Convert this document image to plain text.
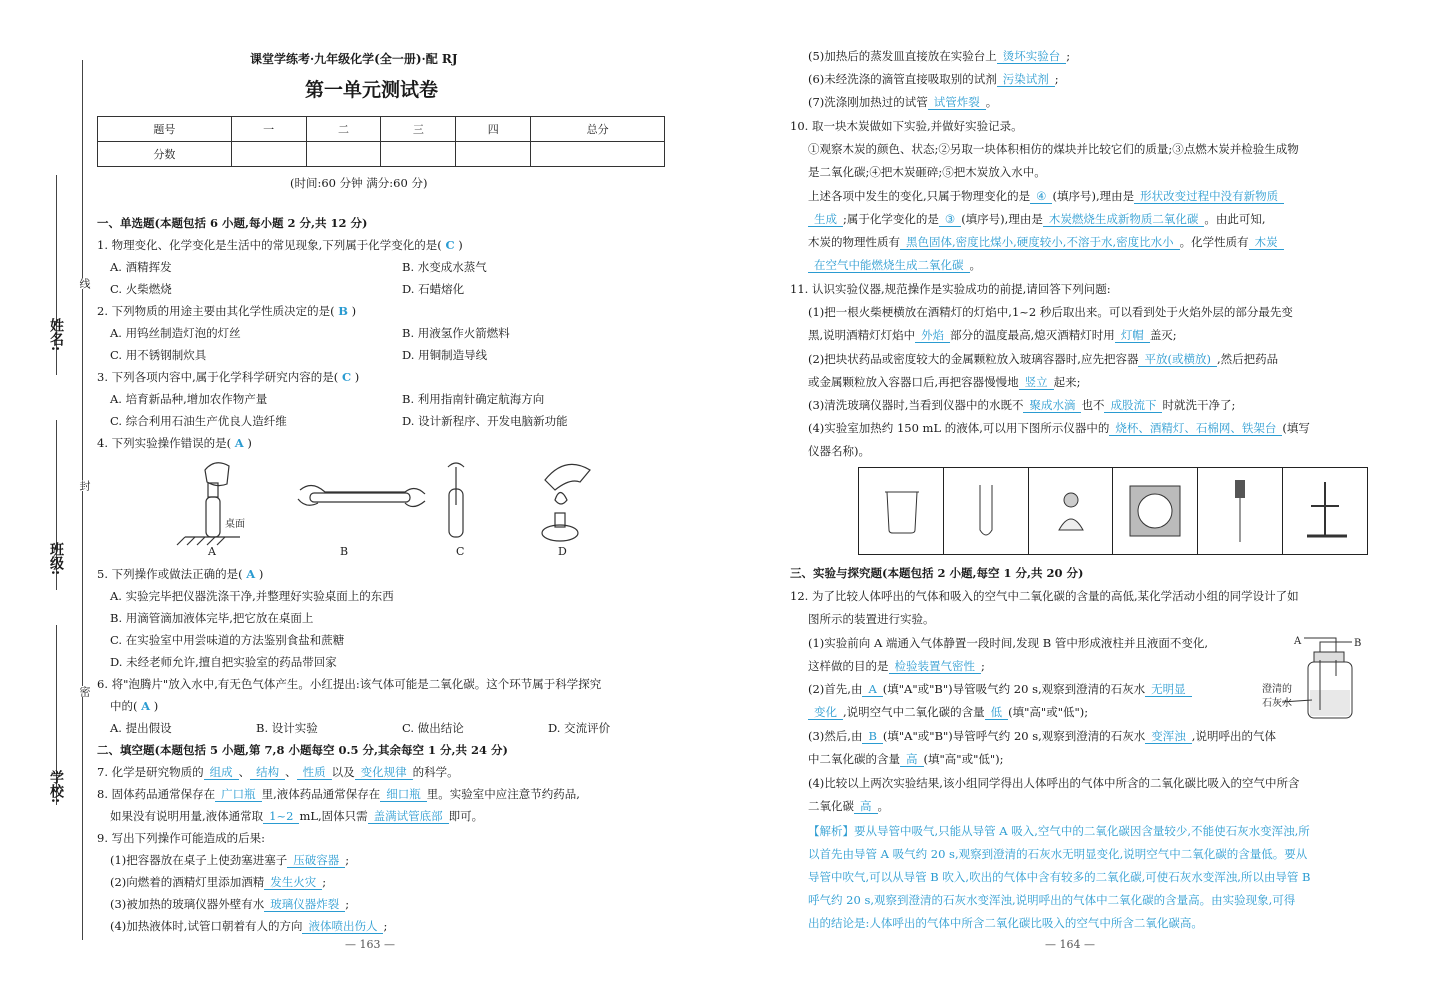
姓名:
班级:
学校:
线
封
密
课堂学练考·九年级化学(全一册)·配 RJ
第一单元测试卷
题号	一	二	三	四	总分
分数					
(时间:60 分钟 满分:60 分)
一、单选题(本题包括 6 小题,每小题 2 分,共 12 分)
1. 物理变化、化学变化是生活中的常见现象,下列属于化学变化的是( C )
A. 酒精挥发	B. 水变成水蒸气
C. 火柴燃烧	D. 石蜡熔化
2. 下列物质的用途主要由其化学性质决定的是( B )
A. 用钨丝制造灯泡的灯丝	B. 用液氢作火箭燃料
C. 用不锈钢制炊具	D. 用铜制造导线
3. 下列各项内容中,属于化学科学研究内容的是( C )
A. 培育新品种,增加农作物产量	B. 利用指南针确定航海方向
C. 综合利用石油生产优良人造纤维	D. 设计新程序、开发电脑新功能
4. 下列实验操作错误的是( A )
桌面
A	B	C	D
5. 下列操作或做法正确的是( A )
A. 实验完毕把仪器洗涤干净,并整理好实验桌面上的东西
B. 用滴管滴加液体完毕,把它放在桌面上
C. 在实验室中用尝味道的方法鉴别食盐和蔗糖
D. 未经老师允许,擅自把实验室的药品带回家
6. 将"泡腾片"放入水中,有无色气体产生。小红提出:该气体可能是二氧化碳。这个环节属于科学探究
中的( A )
A. 提出假设	B. 设计实验	C. 做出结论	D. 交流评价
二、填空题(本题包括 5 小题,第 7,8 小题每空 0.5 分,其余每空 1 分,共 24 分)
7. 化学是研究物质的 组成 、 结构 、 性质 以及 变化规律 的科学。
8. 固体药品通常保存在 广口瓶 里,液体药品通常保存在 细口瓶 里。实验室中应注意节约药品,
如果没有说明用量,液体通常取 1~2 mL,固体只需 盖满试管底部 即可。
9. 写出下列操作可能造成的后果:
(1)把容器放在桌子上使劲塞进塞子 压破容器 ;
(2)向燃着的酒精灯里添加酒精 发生火灾 ;
(3)被加热的玻璃仪器外壁有水 玻璃仪器炸裂 ;
(4)加热液体时,试管口朝着有人的方向 液体喷出伤人 ;
— 163 —
(5)加热后的蒸发皿直接放在实验台上 烫坏实验台 ;
(6)未经洗涤的滴管直接吸取别的试剂 污染试剂 ;
(7)洗涤刚加热过的试管 试管炸裂 。
10. 取一块木炭做如下实验,并做好实验记录。
①观察木炭的颜色、状态;②另取一块体积相仿的煤块并比较它们的质量;③点燃木炭并检验生成物
是二氧化碳;④把木炭砸碎;⑤把木炭放入水中。
上述各项中发生的变化,只属于物理变化的是 ④ (填序号),理由是 形状改变过程中没有新物质
生成 ;属于化学变化的是 ③ (填序号),理由是 木炭燃烧生成新物质二氧化碳 。由此可知,
木炭的物理性质有 黑色固体,密度比煤小,硬度较小,不溶于水,密度比水小 。化学性质有 木炭
在空气中能燃烧生成二氧化碳 。
11. 认识实验仪器,规范操作是实验成功的前提,请回答下列问题:
(1)把一根火柴梗横放在酒精灯的灯焰中,1~2 秒后取出来。可以看到处于火焰外层的部分最先变
黑,说明酒精灯灯焰中 外焰 部分的温度最高,熄灭酒精灯时用 灯帽 盖灭;
(2)把块状药品或密度较大的金属颗粒放入玻璃容器时,应先把容器 平放(或横放) ,然后把药品
或金属颗粒放入容器口后,再把容器慢慢地 竖立 起来;
(3)清洗玻璃仪器时,当看到仪器中的水既不 聚成水滴 也不 成股流下 时就洗干净了;
(4)实验室加热约 150 mL 的液体,可以用下图所示仪器中的 烧杯、酒精灯、石棉网、铁架台 (填写
仪器名称)。
三、实验与探究题(本题包括 2 小题,每空 1 分,共 20 分)
12. 为了比较人体呼出的气体和吸入的空气中二氧化碳的含量的高低,某化学活动小组的同学设计了如
图所示的装置进行实验。
(1)实验前向 A 端通入气体静置一段时间,发现 B 管中形成液柱并且液面不变化,
这样做的目的是 检验装置气密性 ;
(2)首先,由 A (填"A"或"B")导管吸气约 20 s,观察到澄清的石灰水 无明显
变化 ,说明空气中二氧化碳的含量 低 (填"高"或"低");
A	B
澄清的
石灰水
(3)然后,由 B (填"A"或"B")导管呼气约 20 s,观察到澄清的石灰水 变浑浊 ,说明呼出的气体
中二氧化碳的含量 高 (填"高"或"低");
(4)比较以上两次实验结果,该小组同学得出人体呼出的气体中所含的二氧化碳比吸入的空气中所含
二氧化碳 高 。
【解析】要从导管中吸气,只能从导管 A 吸入,空气中的二氧化碳因含量较少,不能使石灰水变浑浊,所
以首先由导管 A 吸气约 20 s,观察到澄清的石灰水无明显变化,说明空气中二氧化碳的含量低。要从
导管中吹气,可以从导管 B 吹入,吹出的气体中含有较多的二氧化碳,可使石灰水变浑浊,所以由导管 B
呼气约 20 s,观察到澄清的石灰水变浑浊,说明呼出的气体中二氧化碳的含量高。由实验现象,可得
出的结论是:人体呼出的气体中所含二氧化碳比吸入的空气中所含二氧化碳高。
— 164 —
